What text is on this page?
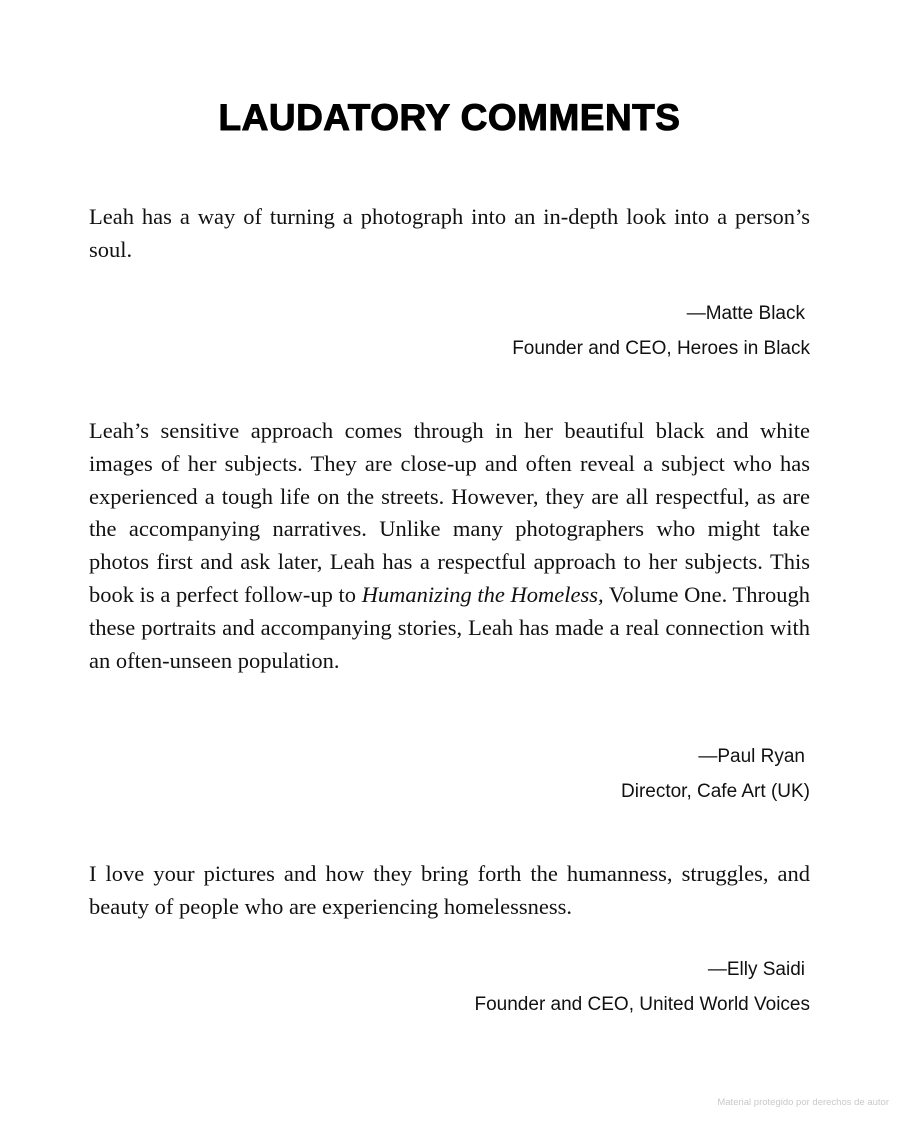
LAUDATORY COMMENTS

Leah has a way of turning a photograph into an in-depth look into a person’s soul.

—Matte Black
Founder and CEO, Heroes in Black

Leah’s sensitive approach comes through in her beautiful black and white images of her subjects. They are close-up and often reveal a subject who has experienced a tough life on the streets. However, they are all respectful, as are the accompanying narratives. Unlike many photographers who might take photos first and ask later, Leah has a respectful approach to her subjects. This book is a perfect follow-up to Humanizing the Homeless, Volume One. Through these portraits and accompanying stories, Leah has made a real connection with an often-unseen population.

—Paul Ryan
Director, Cafe Art (UK)

I love your pictures and how they bring forth the humanness, struggles, and beauty of people who are experiencing homelessness.

—Elly Saidi
Founder and CEO, United World Voices

Material protegido por derechos de autor
